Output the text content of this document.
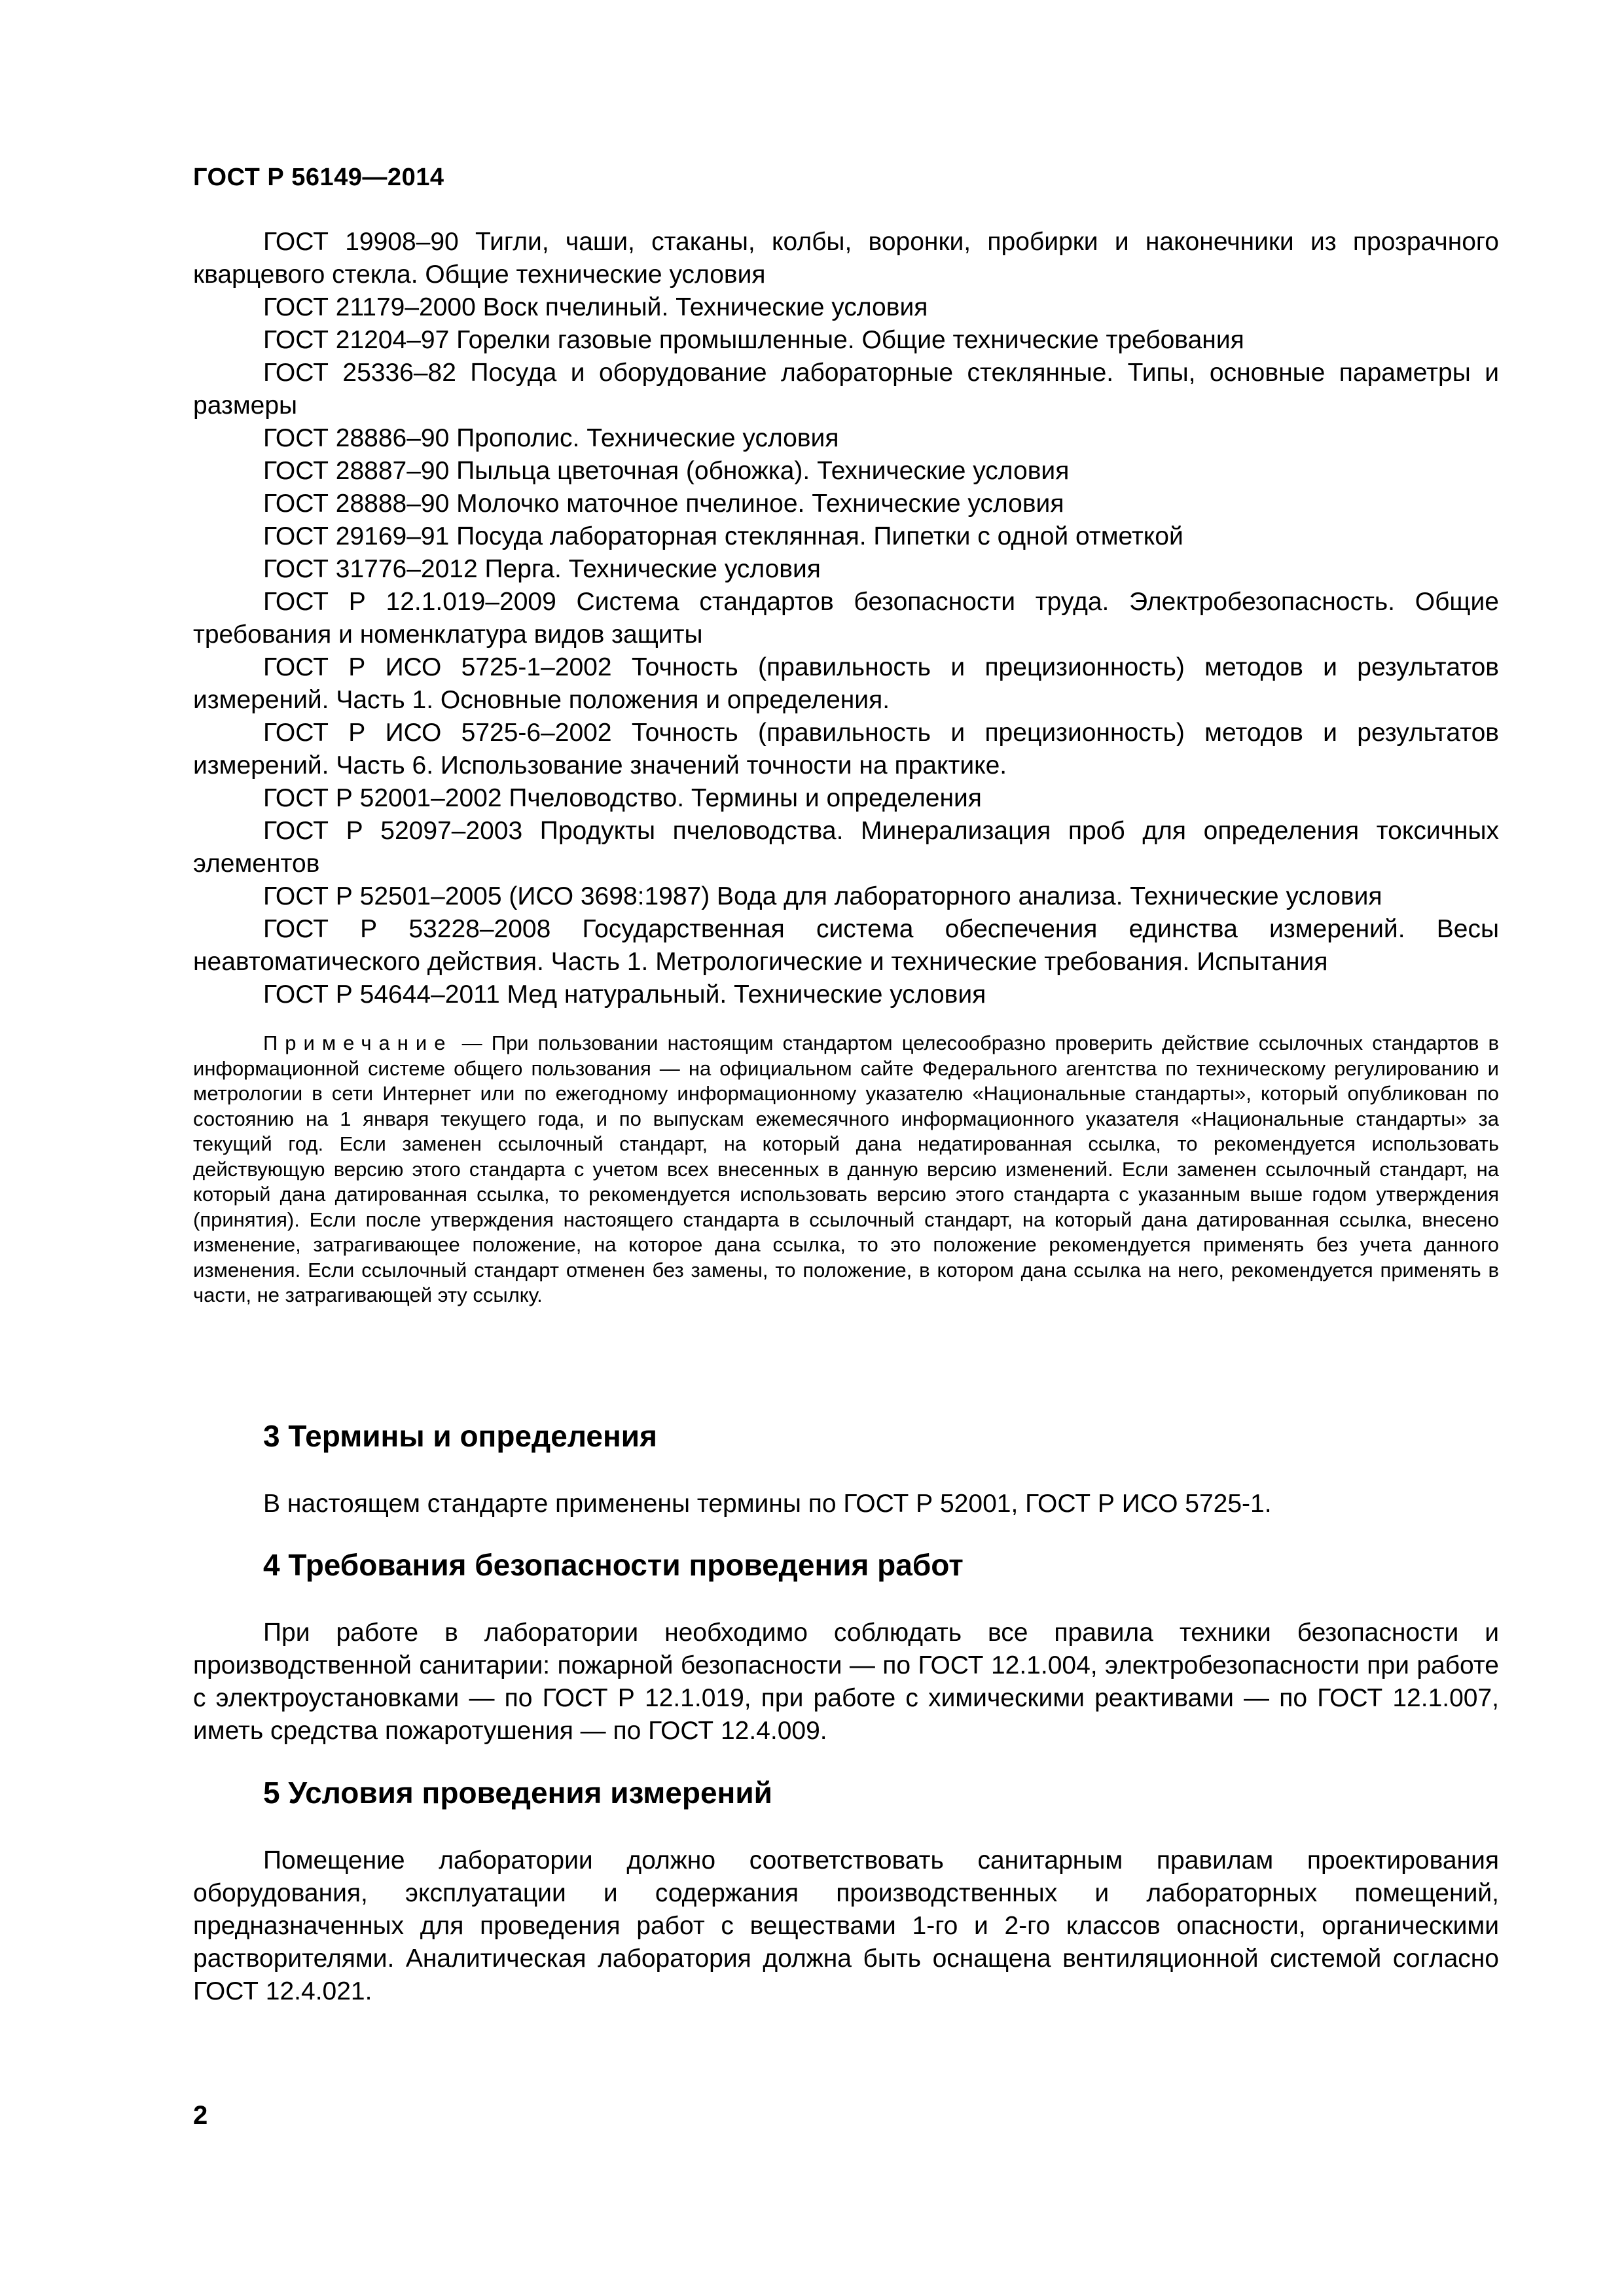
ГОСТ Р 56149—2014

ГОСТ 19908–90 Тигли, чаши, стаканы, колбы, воронки, пробирки и наконечники из прозрачного кварцевого стекла. Общие технические условия

ГОСТ 21179–2000 Воск пчелиный. Технические условия

ГОСТ 21204–97 Горелки газовые промышленные. Общие технические требования

ГОСТ 25336–82 Посуда и оборудование лабораторные стеклянные. Типы, основные параметры и размеры

ГОСТ 28886–90 Прополис. Технические условия

ГОСТ 28887–90 Пыльца цветочная (обножка). Технические условия

ГОСТ 28888–90 Молочко маточное пчелиное. Технические условия

ГОСТ 29169–91 Посуда лабораторная стеклянная. Пипетки с одной отметкой

ГОСТ 31776–2012 Перга. Технические условия

ГОСТ Р 12.1.019–2009 Система стандартов безопасности труда. Электробезопасность. Общие требования и номенклатура видов защиты

ГОСТ Р ИСО 5725-1–2002 Точность (правильность и прецизионность) методов и результатов измерений. Часть 1. Основные положения и определения.

ГОСТ Р ИСО 5725-6–2002 Точность (правильность и прецизионность) методов и результатов измерений. Часть 6. Использование значений точности на практике.

ГОСТ Р 52001–2002 Пчеловодство. Термины и определения

ГОСТ Р 52097–2003 Продукты пчеловодства. Минерализация проб для определения токсичных элементов

ГОСТ Р 52501–2005 (ИСО 3698:1987) Вода для лабораторного анализа. Технические условия

ГОСТ Р 53228–2008 Государственная система обеспечения единства измерений. Весы неавтоматического действия. Часть 1. Метрологические и технические требования. Испытания

ГОСТ Р 54644–2011 Мед натуральный. Технические условия

Примечание — При пользовании настоящим стандартом целесообразно проверить действие ссылочных стандартов в информационной системе общего пользования — на официальном сайте Федерального агентства по техническому регулированию и метрологии в сети Интернет или по ежегодному информационному указателю «Национальные стандарты», который опубликован по состоянию на 1 января текущего года, и по выпускам ежемесячного информационного указателя «Национальные стандарты» за текущий год. Если заменен ссылочный стандарт, на который дана недатированная ссылка, то рекомендуется использовать действующую версию этого стандарта с учетом всех внесенных в данную версию изменений. Если заменен ссылочный стандарт, на который дана датированная ссылка, то рекомендуется использовать версию этого стандарта с указанным выше годом утверждения (принятия). Если после утверждения настоящего стандарта в ссылочный стандарт, на который дана датированная ссылка, внесено изменение, затрагивающее положение, на которое дана ссылка, то это положение рекомендуется применять без учета данного изменения. Если ссылочный стандарт отменен без замены, то положение, в котором дана ссылка на него, рекомендуется применять в части, не затрагивающей эту ссылку.

3 Термины и определения

В настоящем стандарте применены термины по ГОСТ Р 52001, ГОСТ Р ИСО 5725-1.

4 Требования безопасности проведения работ

При работе в лаборатории необходимо соблюдать все правила техники безопасности и производственной санитарии: пожарной безопасности — по ГОСТ 12.1.004, электробезопасности при работе с электроустановками — по ГОСТ Р 12.1.019, при работе с химическими реактивами — по ГОСТ 12.1.007, иметь средства пожаротушения — по ГОСТ 12.4.009.

5 Условия проведения измерений

Помещение лаборатории должно соответствовать санитарным правилам проектирования оборудования, эксплуатации и содержания производственных и лабораторных помещений, предназначенных для проведения работ с веществами 1-го и 2-го классов опасности, органическими растворителями. Аналитическая лаборатория должна быть оснащена вентиляционной системой согласно ГОСТ 12.4.021.

2
